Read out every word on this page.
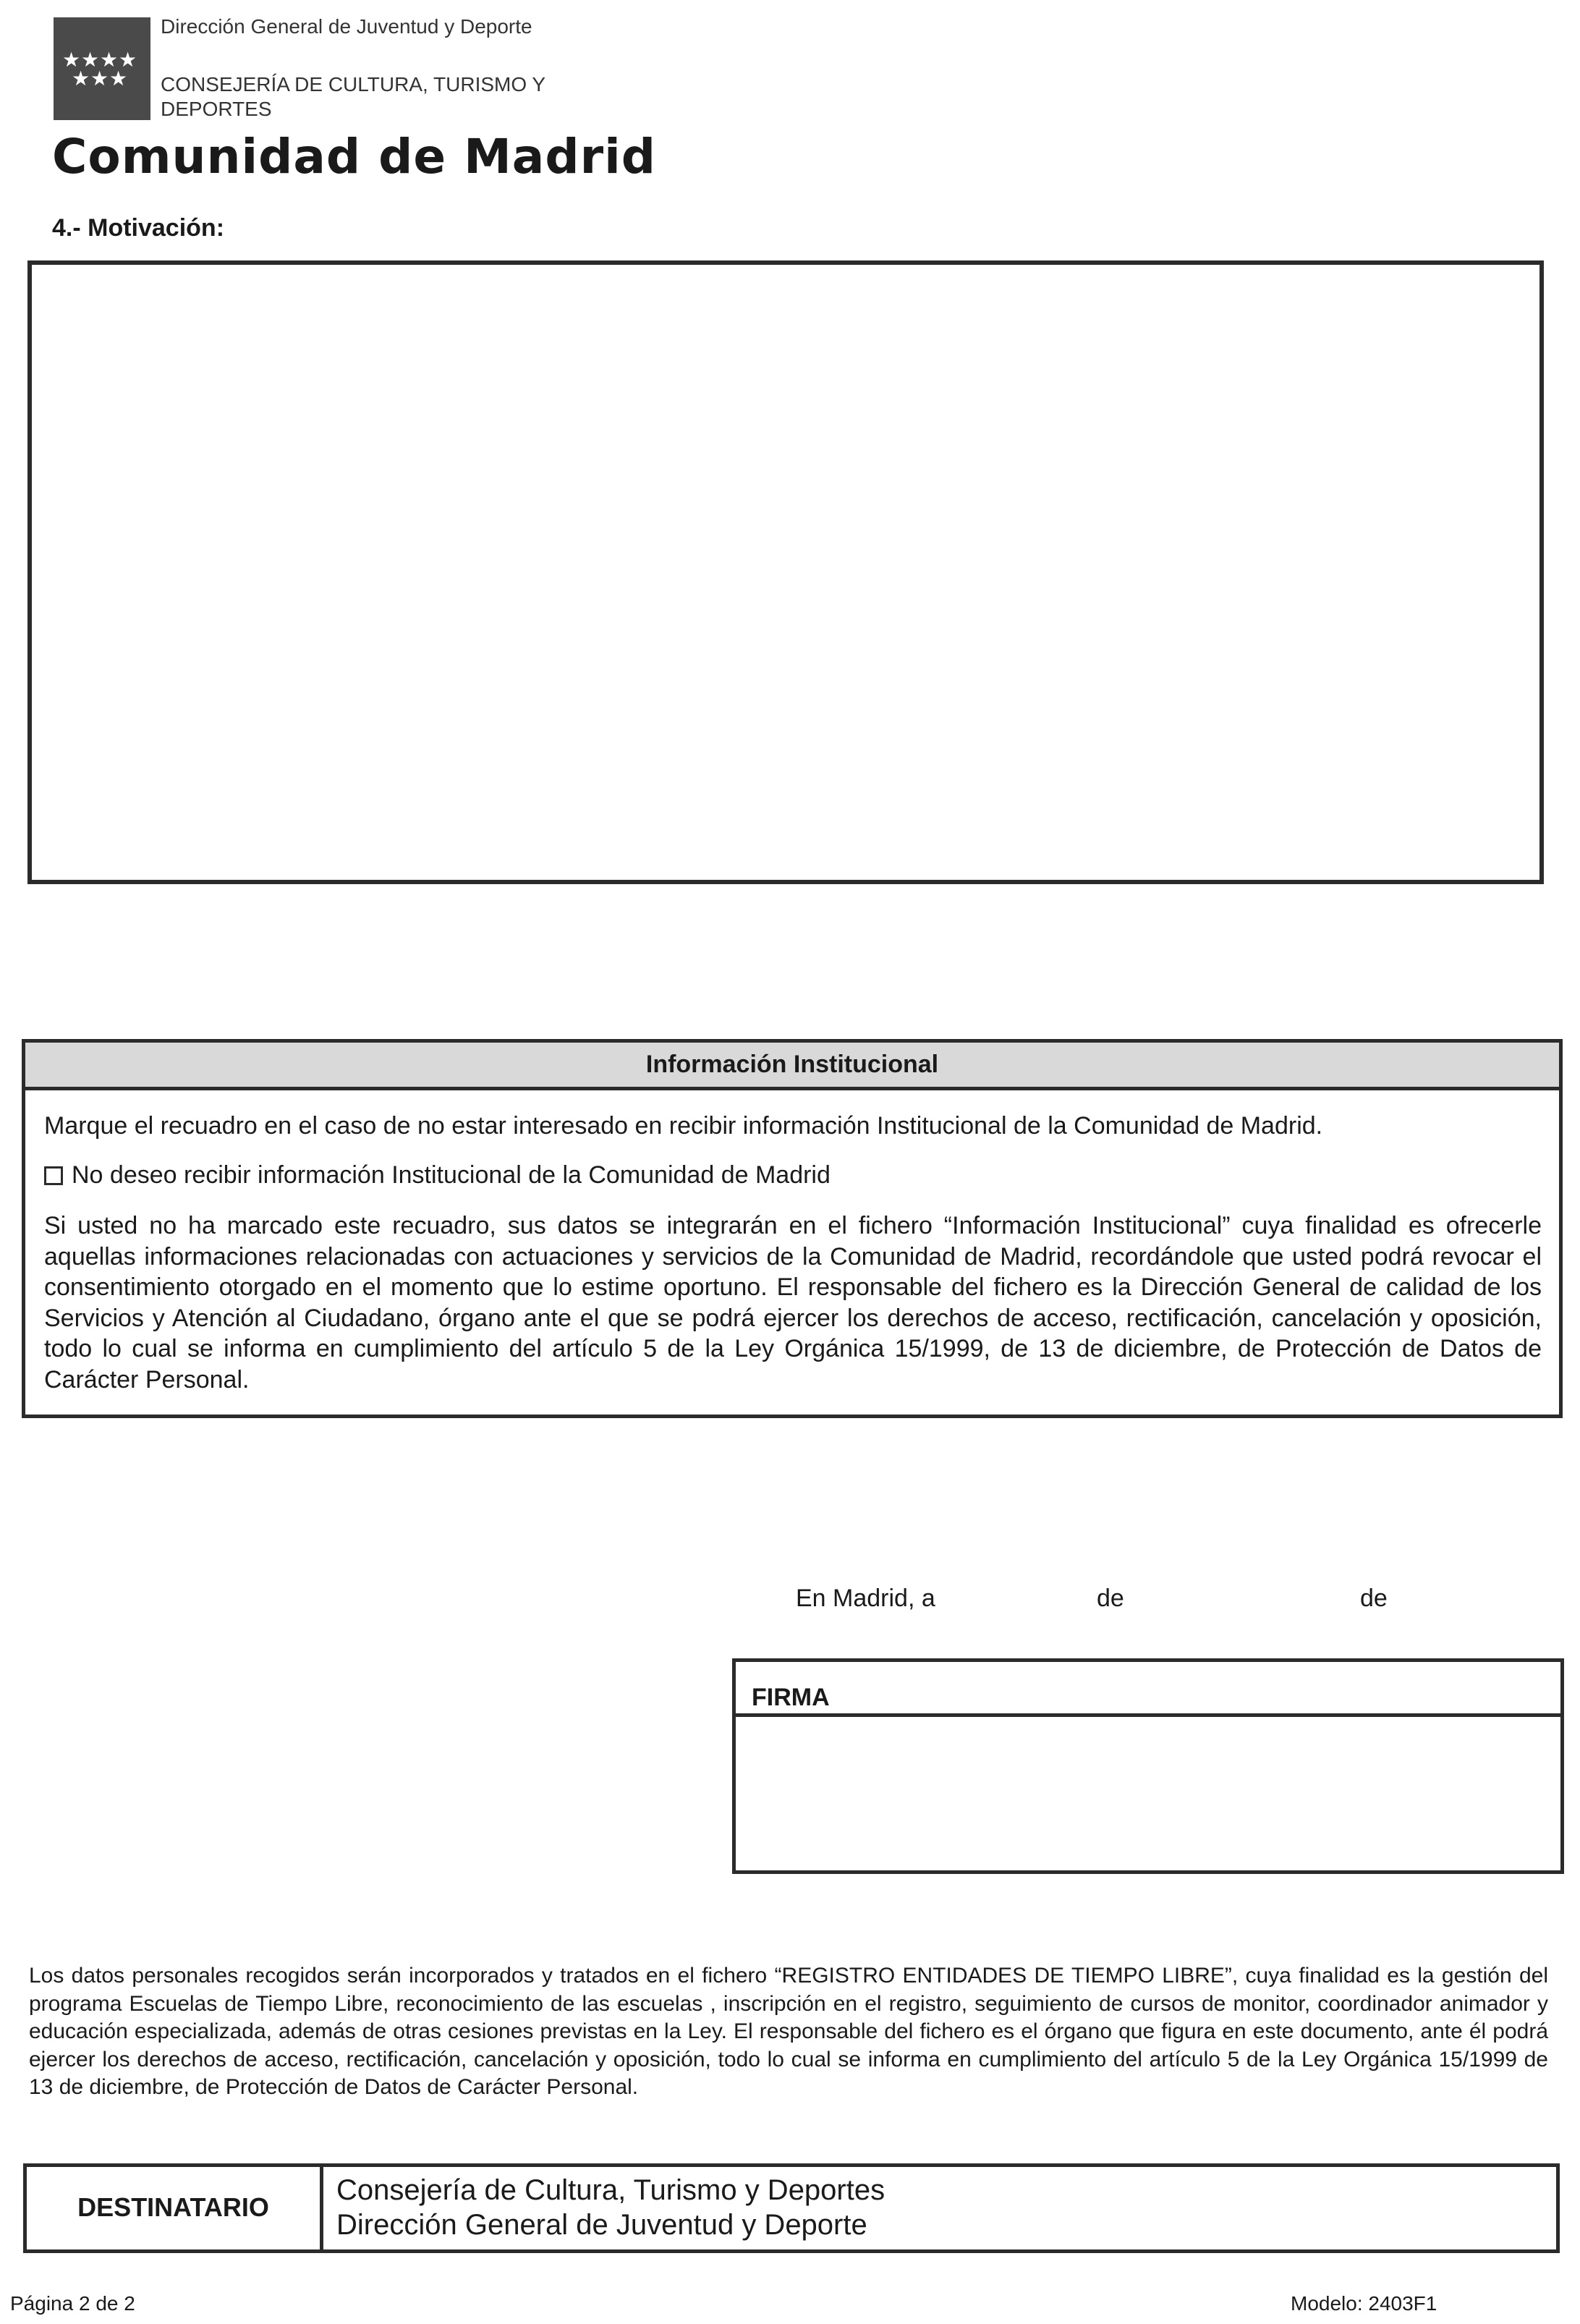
★ ★ ★ ★
★ ★ ★
Dirección General de Juventud y Deporte
CONSEJERÍA DE CULTURA, TURISMO Y DEPORTES
Comunidad de Madrid
4.- Motivación:
Información Institucional
Marque el recuadro en el caso de no estar interesado en recibir información Institucional de la Comunidad de Madrid.
No deseo recibir información Institucional de la Comunidad de Madrid
Si usted no ha marcado este recuadro, sus datos se integrarán en el fichero “Información Institucional” cuya finalidad es ofrecerle aquellas informaciones relacionadas con actuaciones y servicios de la Comunidad de Madrid, recordándole que usted podrá revocar el consentimiento otorgado en el momento que lo estime oportuno. El responsable del fichero es la Dirección General de calidad de los Servicios y Atención al Ciudadano, órgano ante el que se podrá ejercer los derechos de acceso, rectificación, cancelación y oposición, todo lo cual se informa en cumplimiento del artículo 5 de la Ley Orgánica 15/1999, de 13 de diciembre, de Protección de Datos de Carácter Personal.
En Madrid, a	de	de
FIRMA
Los datos personales recogidos serán incorporados y tratados en el fichero “REGISTRO ENTIDADES DE TIEMPO LIBRE”, cuya finalidad es la gestión del programa Escuelas de Tiempo Libre, reconocimiento de las escuelas , inscripción en el registro, seguimiento de cursos de monitor, coordinador animador y educación especializada, además de otras cesiones previstas en la Ley. El responsable del fichero es el órgano que figura en este documento, ante él podrá ejercer los derechos de acceso, rectificación, cancelación y oposición, todo lo cual se informa en cumplimiento del artículo 5 de la Ley Orgánica 15/1999 de 13 de diciembre, de Protección de Datos de Carácter Personal.
DESTINATARIO
Consejería de Cultura, Turismo y Deportes
Dirección General de Juventud y Deporte
Página 2 de 2	Modelo: 2403F1
